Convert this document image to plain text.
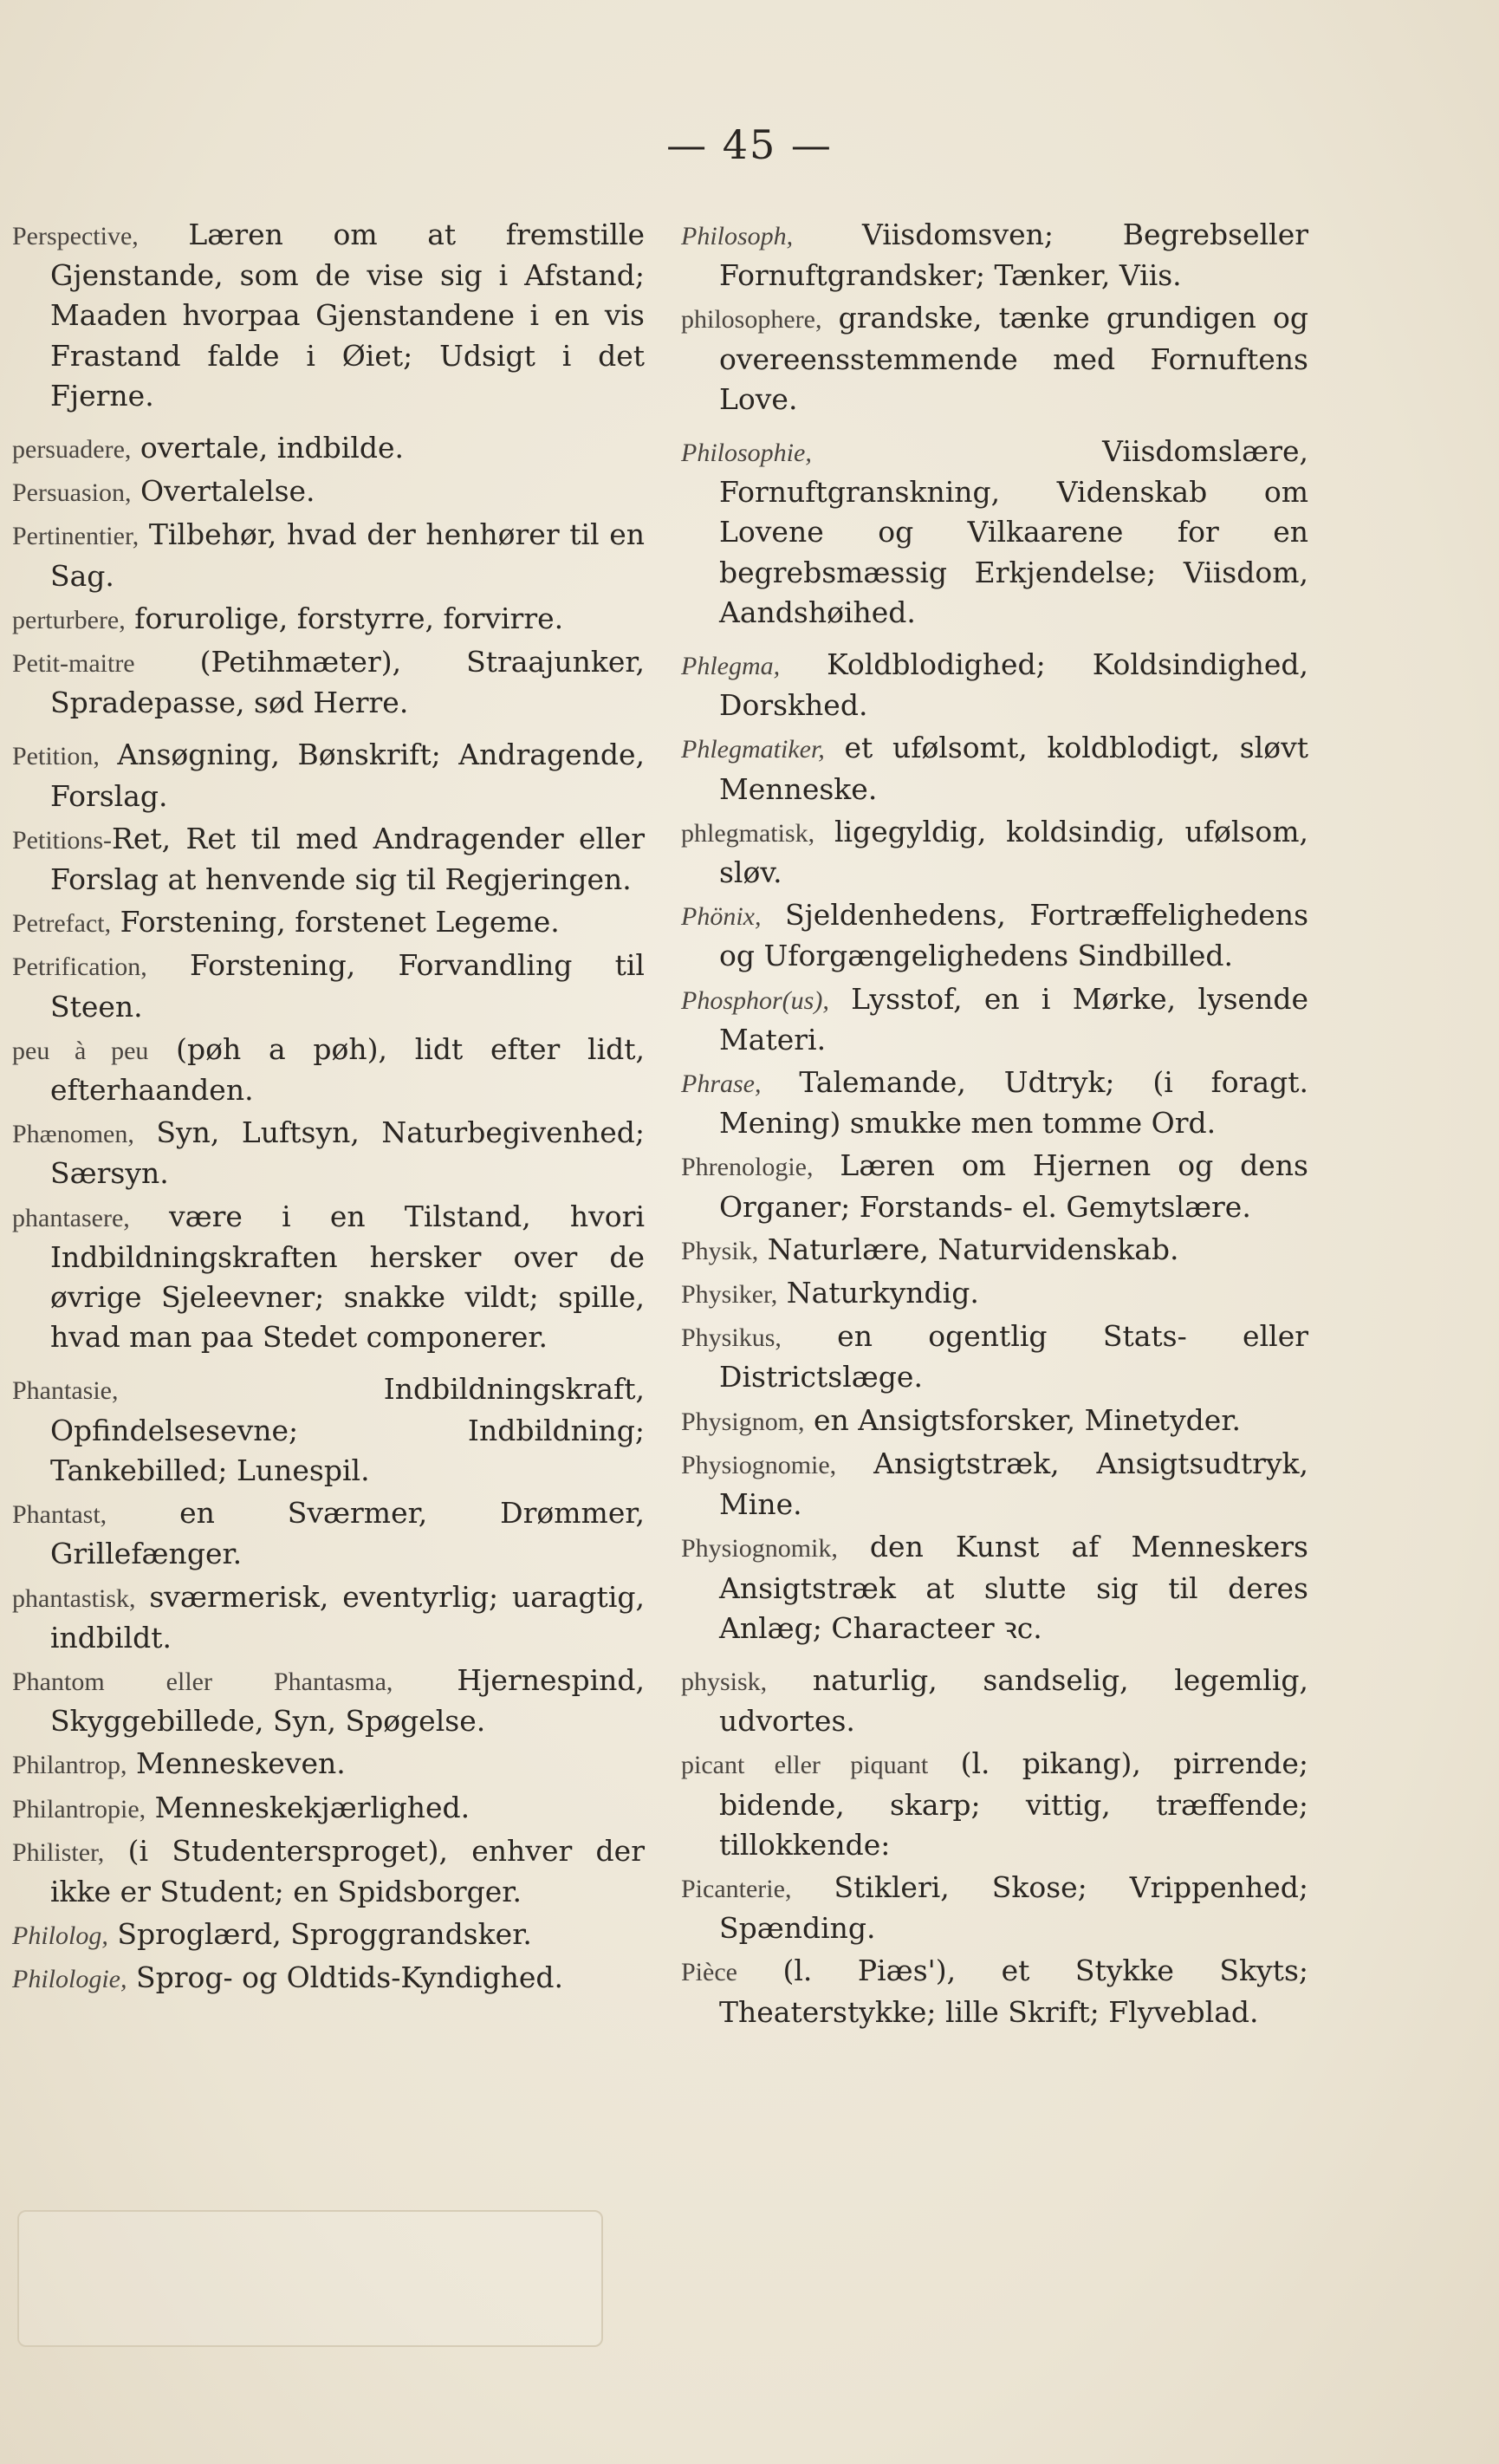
— 45 —

Perspective, Læren om at fremstille Gjenstande, som de vise sig i Afstand; Maaden hvorpaa Gjenstandene i en vis Frastand falde i Øiet; Udsigt i det Fjerne.

persuadere, overtale, indbilde.

Persuasion, Overtalelse.

Pertinentier, Tilbehør, hvad der henhører til en Sag.

perturbere, forurolige, forstyrre, forvirre.

Petit-maitre (Petihmæter), Straajunker, Spradepasse, sød Herre.

Petition, Ansøgning, Bønskrift; Andragende, Forslag.

Petitions-Ret, Ret til med Andragender eller Forslag at henvende sig til Regjeringen.

Petrefact, Forstening, forstenet Legeme.

Petrification, Forstening, Forvandling til Steen.

peu à peu (pøh a pøh), lidt efter lidt, efterhaanden.

Phænomen, Syn, Luftsyn, Naturbegivenhed; Særsyn.

phantasere, være i en Tilstand, hvori Indbildningskraften hersker over de øvrige Sjeleevner; snakke vildt; spille, hvad man paa Stedet componerer.

Phantasie, Indbildningskraft, Opfindelsesevne; Indbildning; Tankebilled; Lunespil.

Phantast, en Sværmer, Drømmer, Grillefænger.

phantastisk, sværmerisk, eventyrlig; uaragtig, indbildt.

Phantom eller Phantasma, Hjernespind, Skyggebillede, Syn, Spøgelse.

Philantrop, Menneskeven.

Philantropie, Menneskekjærlighed.

Philister, (i Studentersproget), enhver der ikke er Student; en Spidsborger.

Philolog, Sproglærd, Sproggrandsker.

Philologie, Sprog- og Oldtids-Kyndighed.

Philosoph, Viisdomsven; Begrebseller Fornuftgrandsker; Tænker, Viis.

philosophere, grandske, tænke grundigen og overeensstemmende med Fornuftens Love.

Philosophie, Viisdomslære, Fornuftgranskning, Videnskab om Lovene og Vilkaarene for en begrebsmæssig Erkjendelse; Viisdom, Aandshøihed.

Phlegma, Koldblodighed; Koldsindighed, Dorskhed.

Phlegmatiker, et ufølsomt, koldblodigt, sløvt Menneske.

phlegmatisk, ligegyldig, koldsindig, ufølsom, sløv.

Phönix, Sjeldenhedens, Fortræffelighedens og Uforgængelighedens Sindbilled.

Phosphor(us), Lysstof, en i Mørke, lysende Materi.

Phrase, Talemande, Udtryk; (i foragt. Mening) smukke men tomme Ord.

Phrenologie, Læren om Hjernen og dens Organer; Forstands- el. Gemytslære.

Physik, Naturlære, Naturvidenskab.

Physiker, Naturkyndig.

Physikus, en ogentlig Stats- eller Districtslæge.

Physignom, en Ansigtsforsker, Minetyder.

Physiognomie, Ansigtstræk, Ansigtsudtryk, Mine.

Physiognomik, den Kunst af Menneskers Ansigtstræk at slutte sig til deres Anlæg; Characteer ꝛc.

physisk, naturlig, sandselig, legemlig, udvortes.

picant eller piquant (l. pikang), pirrende; bidende, skarp; vittig, træffende; tillokkende:

Picanterie, Stikleri, Skose; Vrippenhed; Spænding.

Pièce (l. Piæs'), et Stykke Skyts; Theaterstykke; lille Skrift; Flyveblad.
